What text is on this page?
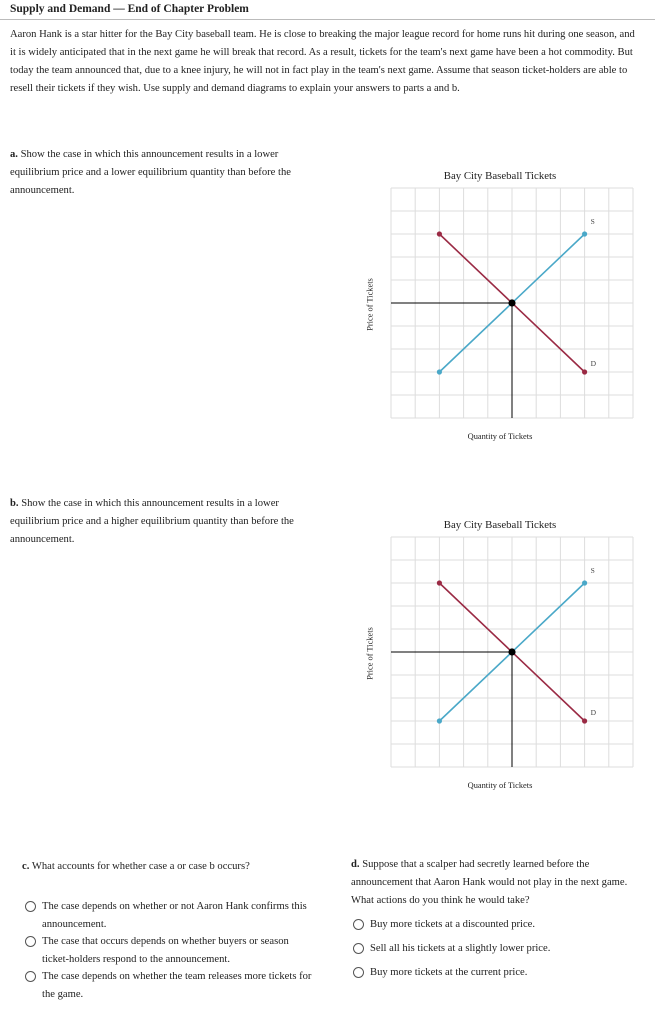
Supply and Demand — End of Chapter Problem
Aaron Hank is a star hitter for the Bay City baseball team. He is close to breaking the major league record for home runs hit during one season, and it is widely anticipated that in the next game he will break that record. As a result, tickets for the team's next game have been a hot commodity. But today the team announced that, due to a knee injury, he will not in fact play in the team's next game. Assume that season ticket-holders are able to resell their tickets if they wish. Use supply and demand diagrams to explain your answers to parts a and b.
a. Show the case in which this announcement results in a lower equilibrium price and a lower equilibrium quantity than before the announcement.
Bay City Baseball Tickets
Price of Tickets
Quantity of Tickets
S
D
b. Show the case in which this announcement results in a lower equilibrium price and a higher equilibrium quantity than before the announcement.
Bay City Baseball Tickets
Price of Tickets
Quantity of Tickets
S
D
c. What accounts for whether case a or case b occurs?
The case depends on whether or not Aaron Hank confirms this announcement.
The case that occurs depends on whether buyers or season ticket-holders respond to the announcement.
The case depends on whether the team releases more tickets for the game.
d. Suppose that a scalper had secretly learned before the announcement that Aaron Hank would not play in the next game. What actions do you think he would take?
Buy more tickets at a discounted price.
Sell all his tickets at a slightly lower price.
Buy more tickets at the current price.
